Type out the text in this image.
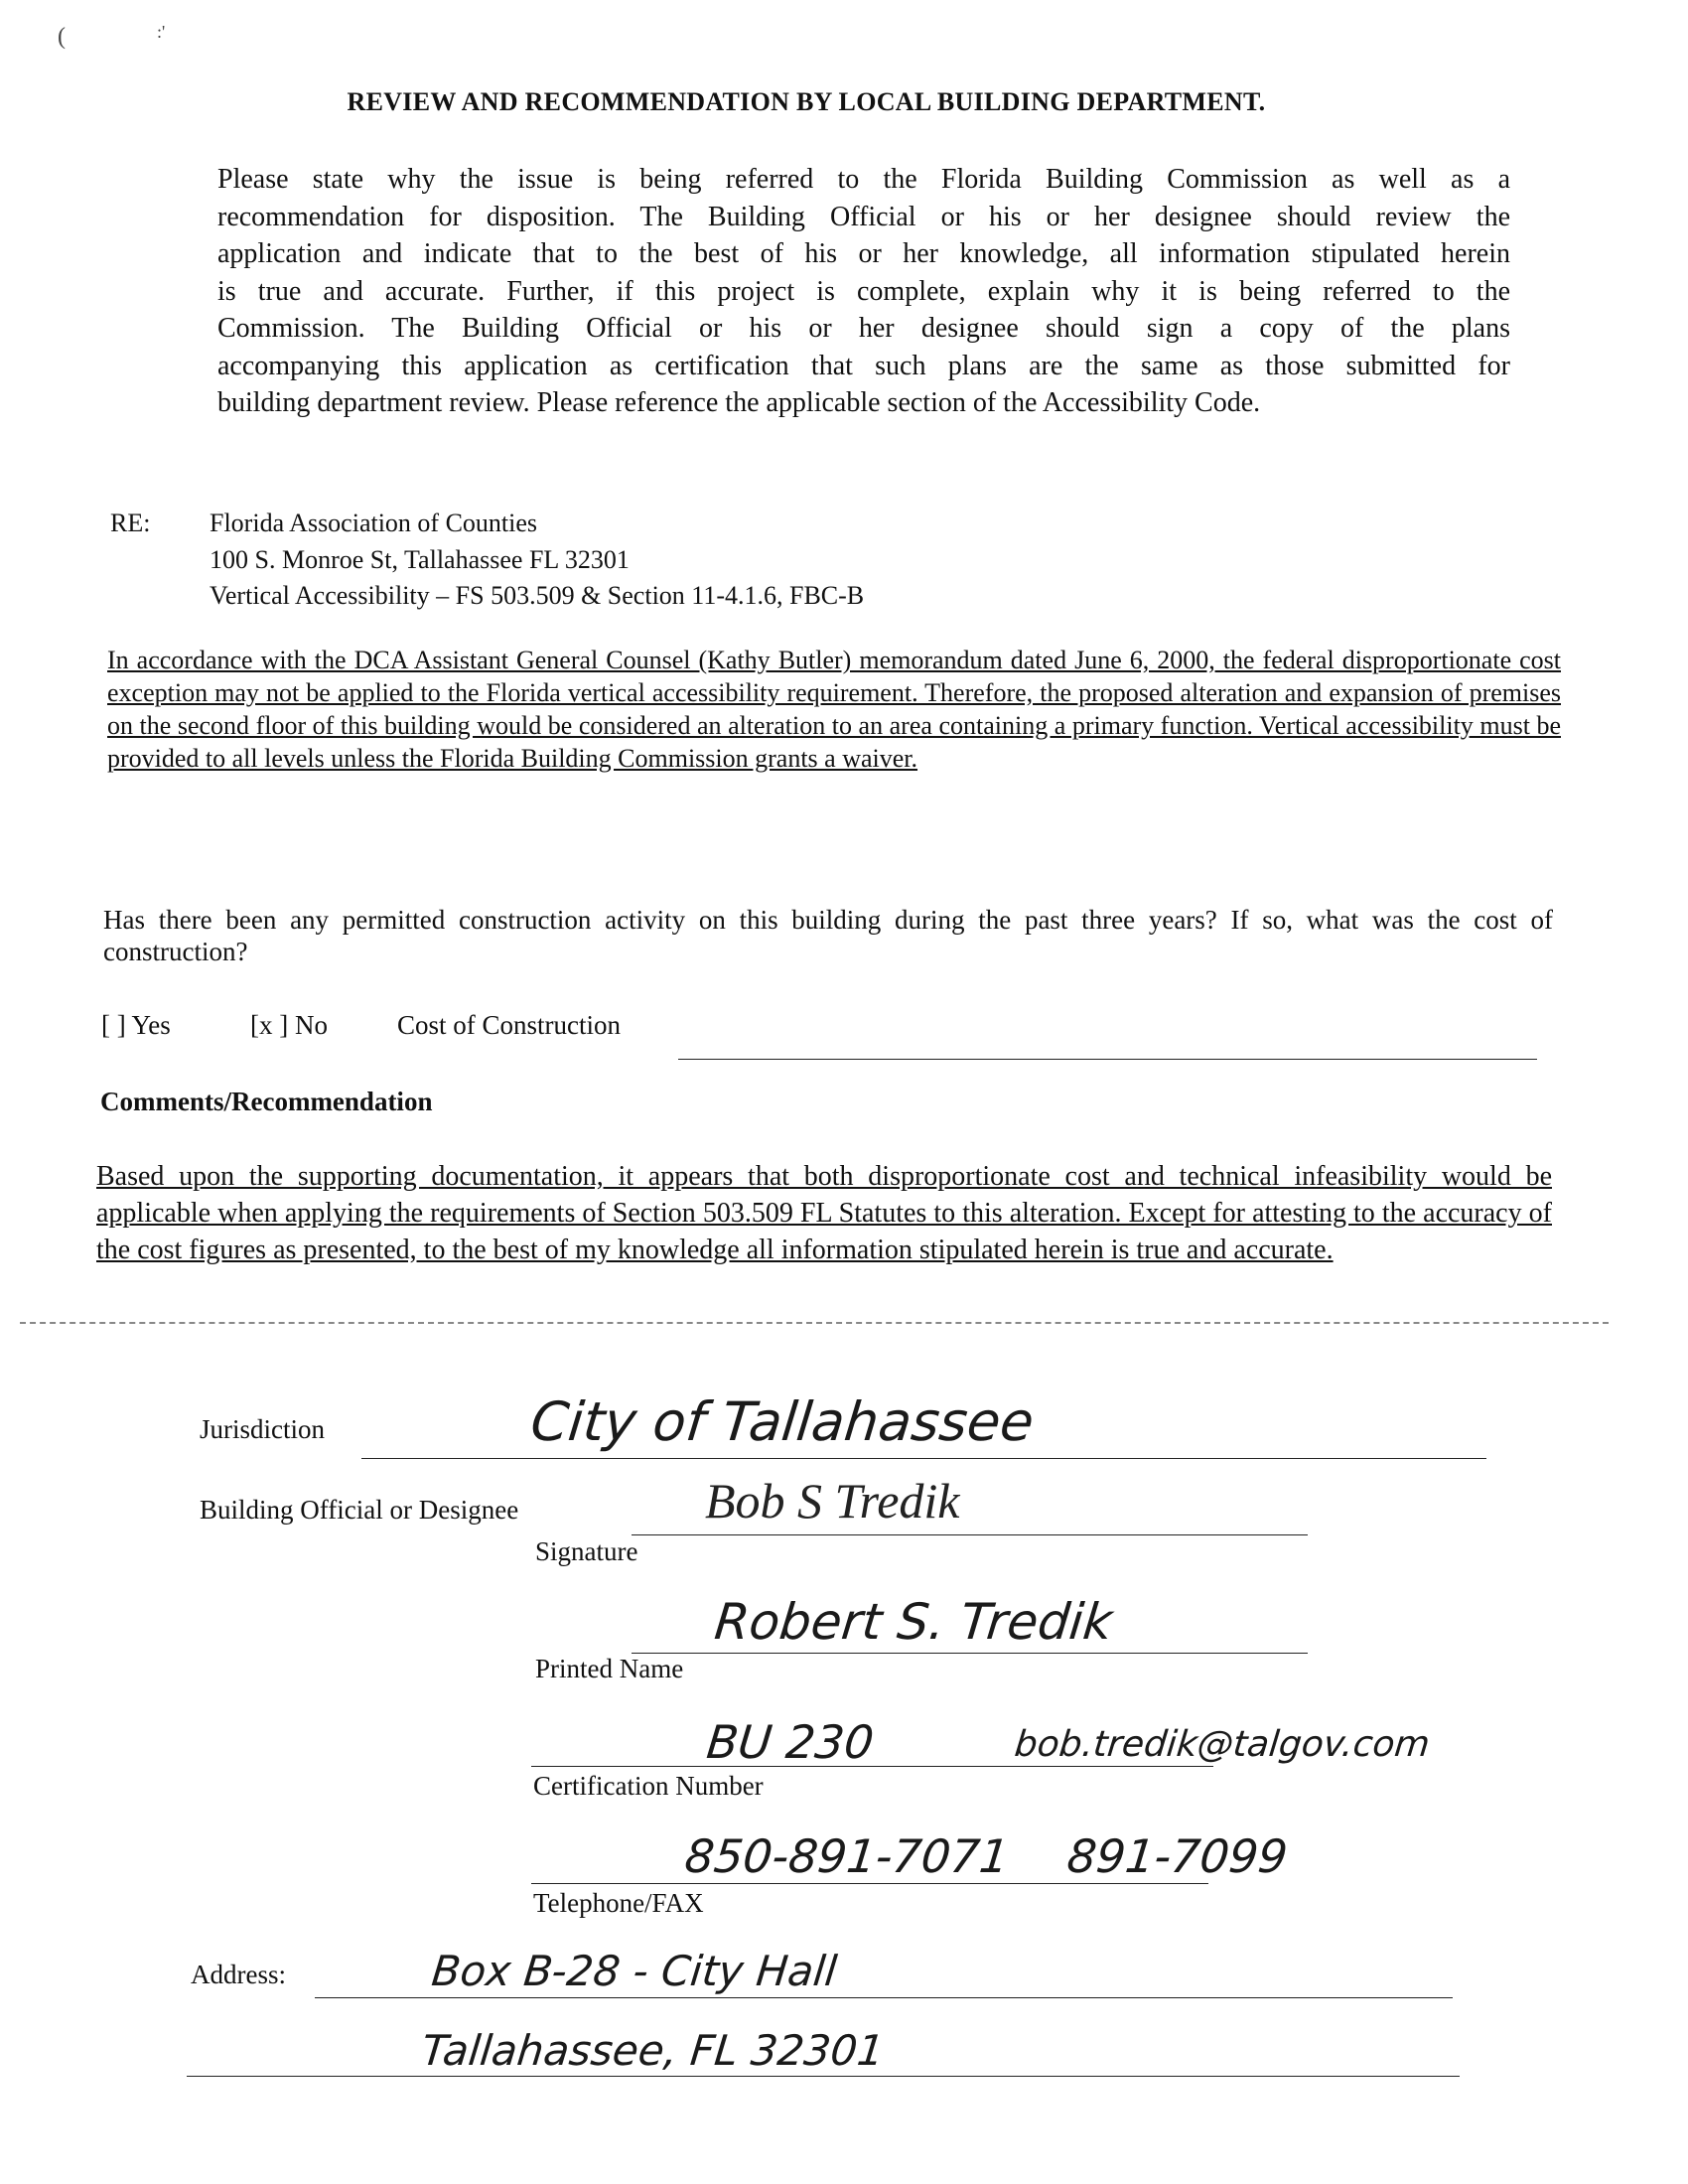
(	:'
REVIEW AND RECOMMENDATION BY LOCAL BUILDING DEPARTMENT.
Please state why the issue is being referred to the Florida Building Commission as well as a
recommendation for disposition. The Building Official or his or her designee should review the
application and indicate that to the best of his or her knowledge, all information stipulated herein
is true and accurate. Further, if this project is complete, explain why it is being referred to the
Commission. The Building Official or his or her designee should sign a copy of the plans
accompanying this application as certification that such plans are the same as those submitted for
building department review. Please reference the applicable section of the Accessibility Code.
RE: Florida Association of Counties
100 S. Monroe St, Tallahassee FL 32301
Vertical Accessibility – FS 503.509 & Section 11-4.1.6, FBC-B
In accordance with the DCA Assistant General Counsel (Kathy Butler) memorandum dated June 6, 2000, the federal disproportionate cost exception may not be applied to the Florida vertical accessibility requirement. Therefore, the proposed alteration and expansion of premises on the second floor of this building would be considered an alteration to an area containing a primary function. Vertical accessibility must be provided to all levels unless the Florida Building Commission grants a waiver.
Has there been any permitted construction activity on this building during the past three years? If so, what was the cost of construction?
[ ] Yes	[x ] No	Cost of Construction
Comments/Recommendation
Based upon the supporting documentation, it appears that both disproportionate cost and technical infeasibility would be applicable when applying the requirements of Section 503.509 FL Statutes to this alteration. Except for attesting to the accuracy of the cost figures as presented, to the best of my knowledge all information stipulated herein is true and accurate.
Jurisdiction	City of Tallahassee
Building Official or Designee	Bob S Tredik
Signature
Robert S. Tredik
Printed Name
BU 230	bob.tredik@talgov.com
Certification Number
850-891-7071 891-7099
Telephone/FAX
Address:	Box B-28 - City Hall
Tallahassee, FL 32301
